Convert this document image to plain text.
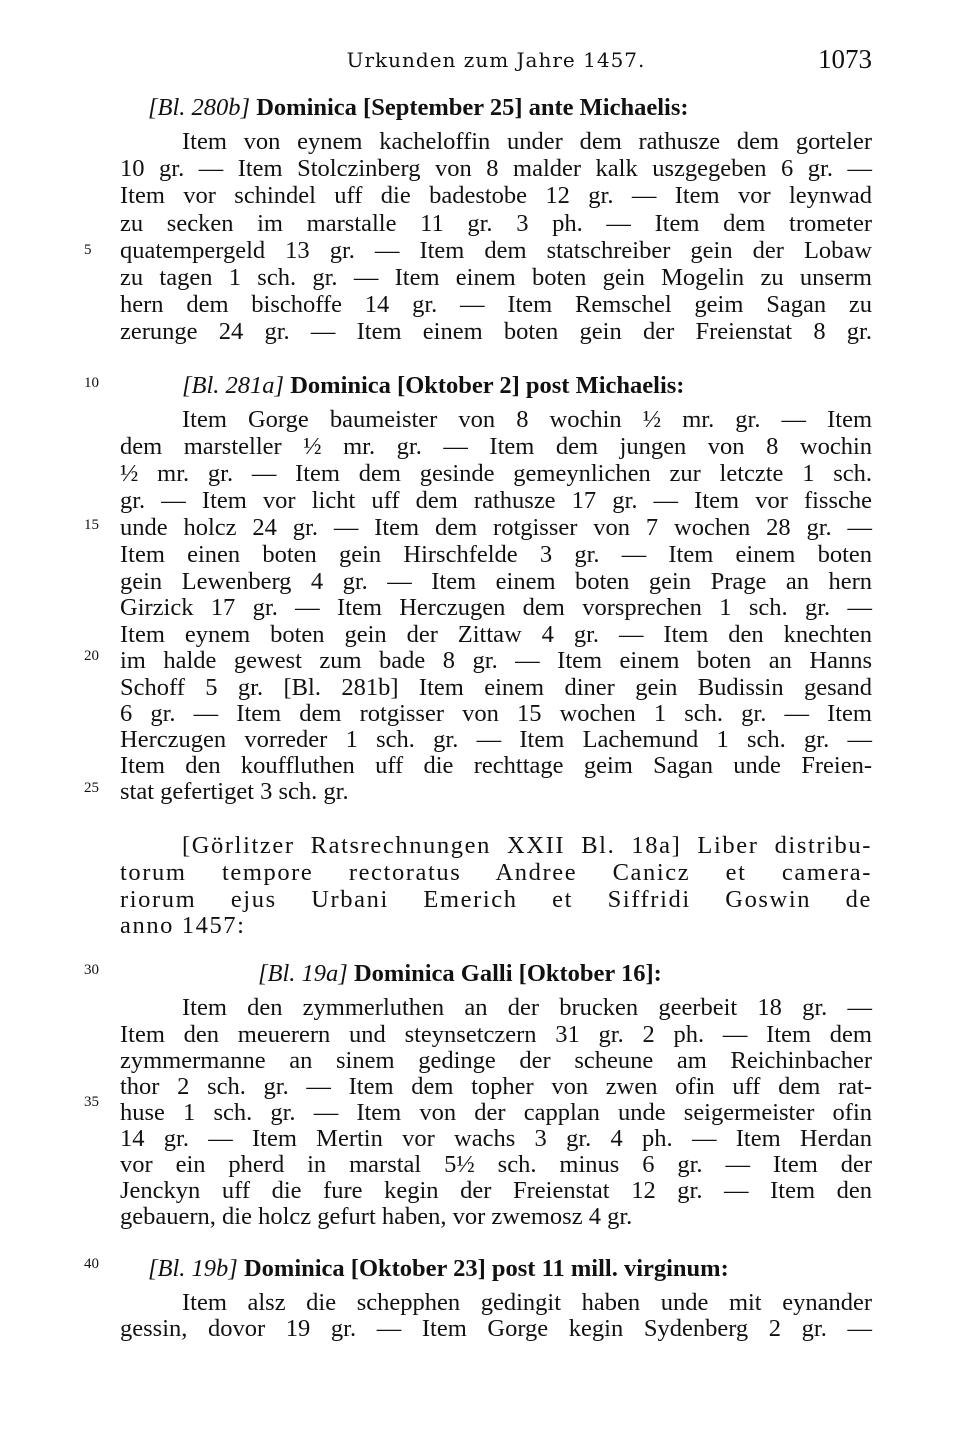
Urkunden zum Jahre 1457.	1073
5
10
15
20
25
30
35
40
[Bl. 280b] Dominica [September 25] ante Michaelis:
Item von eynem kacheloffin under dem rathusze dem gorteler
10 gr. — Item Stolczinberg von 8 malder kalk uszgegeben 6 gr. —
Item vor schindel uff die badestobe 12 gr. — Item vor leynwad
zu secken im marstalle 11 gr. 3 ph. — Item dem trometer
quatempergeld 13 gr. — Item dem statschreiber gein der Lobaw
zu tagen 1 sch. gr. — Item einem boten gein Mogelin zu unserm
hern dem bischoffe 14 gr. — Item Remschel geim Sagan zu
zerunge 24 gr. — Item einem boten gein der Freienstat 8 gr.
[Bl. 281a] Dominica [Oktober 2] post Michaelis:
Item Gorge baumeister von 8 wochin ½ mr. gr. — Item
dem marsteller ½ mr. gr. — Item dem jungen von 8 wochin
½ mr. gr. — Item dem gesinde gemeynlichen zur letczte 1 sch.
gr. — Item vor licht uff dem rathusze 17 gr. — Item vor fissche
unde holcz 24 gr. — Item dem rotgisser von 7 wochen 28 gr. —
Item einen boten gein Hirschfelde 3 gr. — Item einem boten
gein Lewenberg 4 gr. — Item einem boten gein Prage an hern
Girzick 17 gr. — Item Herczugen dem vorsprechen 1 sch. gr. —
Item eynem boten gein der Zittaw 4 gr. — Item den knechten
im halde gewest zum bade 8 gr. — Item einem boten an Hanns
Schoff 5 gr. [Bl. 281b] Item einem diner gein Budissin gesand
6 gr. — Item dem rotgisser von 15 wochen 1 sch. gr. — Item
Herczugen vorreder 1 sch. gr. — Item Lachemund 1 sch. gr. —
Item den kouffluthen uff die rechttage geim Sagan unde Freien-
stat gefertiget 3 sch. gr.
[Görlitzer Ratsrechnungen XXII Bl. 18a] Liber distribu-
torum tempore rectoratus Andree Canicz et camera-
riorum ejus Urbani Emerich et Siffridi Goswin de
anno 1457:
[Bl. 19a] Dominica Galli [Oktober 16]:
Item den zymmerluthen an der brucken geerbeit 18 gr. —
Item den meuerern und steynsetczern 31 gr. 2 ph. — Item dem
zymmermanne an sinem gedinge der scheune am Reichinbacher
thor 2 sch. gr. — Item dem topher von zwen ofin uff dem rat-
huse 1 sch. gr. — Item von der capplan unde seigermeister ofin
14 gr. — Item Mertin vor wachs 3 gr. 4 ph. — Item Herdan
vor ein pherd in marstal 5½ sch. minus 6 gr. — Item der
Jenckyn uff die fure kegin der Freienstat 12 gr. — Item den
gebauern, die holcz gefurt haben, vor zwemosz 4 gr.
[Bl. 19b] Dominica [Oktober 23] post 11 mill. virginum:
Item alsz die schepphen gedingit haben unde mit eynander
gessin, dovor 19 gr. — Item Gorge kegin Sydenberg 2 gr. —
